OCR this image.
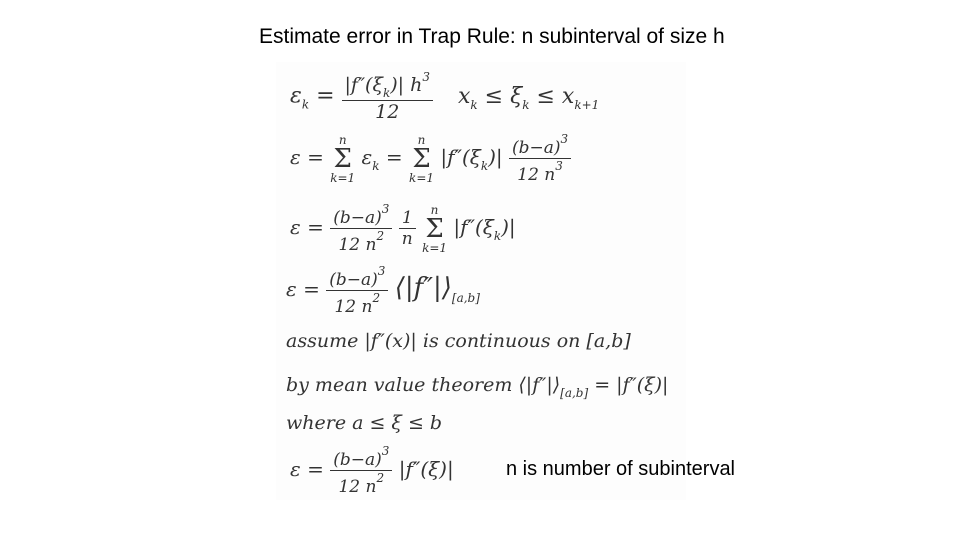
Estimate error in Trap Rule: n subinterval of size h
$\varepsilon_k = \frac{|f''(\xi_k)| h^3}{12} x_k \le \xi_k \le x_{k+1}$
ε =
n
Σ
k=1
$\varepsilon_k$ =
n
Σ
k=1
$|f''(\xi_k)| \frac{(b-a)^3}{12 n^3}$
$\varepsilon = \frac{(b-a)^3}{12 n^2}$
$\frac{1}{n}$
	n
Σ
k=1
$|f''(\xi_k)|$
$\varepsilon = \frac{(b-a)^3}{12 n^2}$ $⟨|f''|⟩_{[a,b]}$
assume |f″(x)| is continuous on [a,b]
by mean value theorem $⟨|f''|⟩_{[a,b]} = |f''(\xi)|$
where a ≤ ξ ≤ b
$\varepsilon = \frac{(b-a)^3}{12 n^2} |f''(\xi)|$	n is number of subinterval
